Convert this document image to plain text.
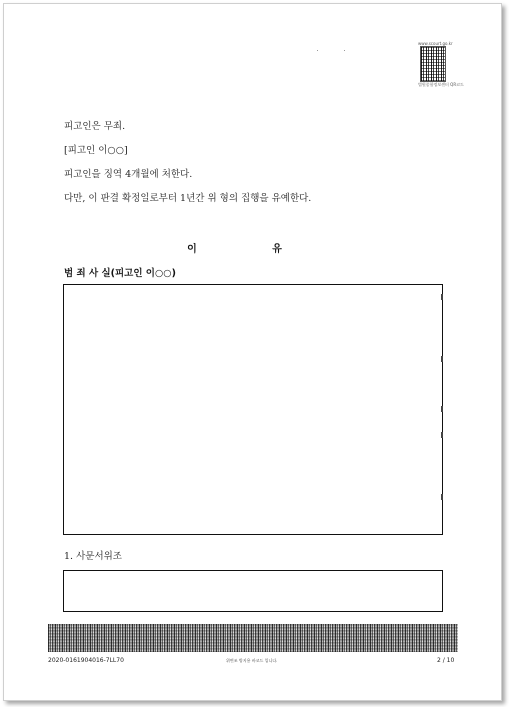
www.scourt.go.kr
법원종합정보센터 QR코드
피고인은 무죄.
[피고인 이○○]
피고인을 징역 4개월에 처한다.
다만, 이 판결 확정일로부터 1년간 위 형의 집행을 유예한다.
이 유
범 죄 사 실(피고인 이○○)
1. 사문서위조
2020-0161904016-7LL70	위변조 방지용 바코드 입니다.	2 / 10
